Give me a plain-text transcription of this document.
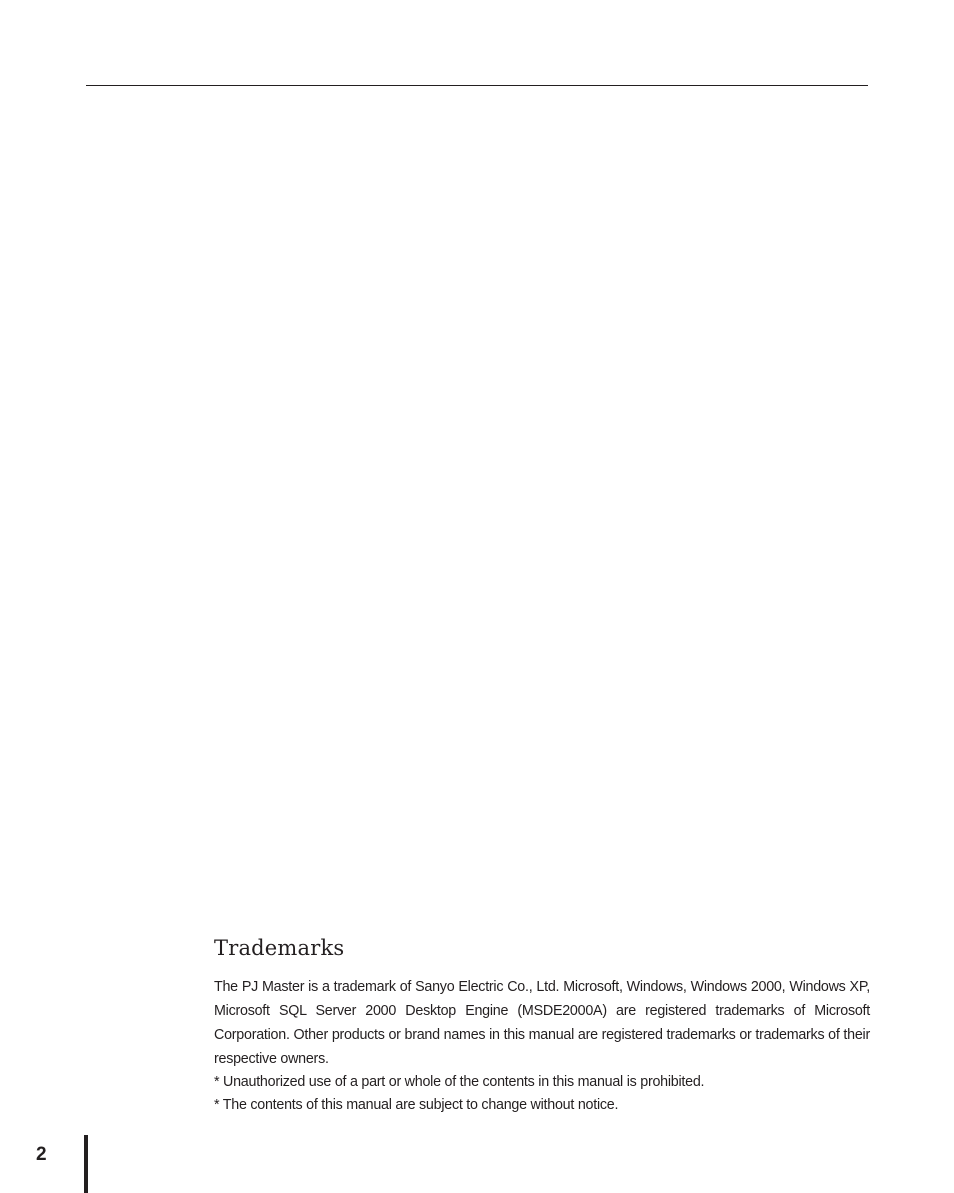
Trademarks

The PJ Master is a trademark of Sanyo Electric Co., Ltd. Microsoft, Windows, Windows 2000, Windows XP, Microsoft SQL Server 2000 Desktop Engine (MSDE2000A) are registered trademarks of Microsoft Corporation. Other products or brand names in this manual are registered trademarks or trademarks of their respective owners.

* Unauthorized use of a part or whole of the contents in this manual is prohibited.

* The contents of this manual are subject to change without notice.

2
